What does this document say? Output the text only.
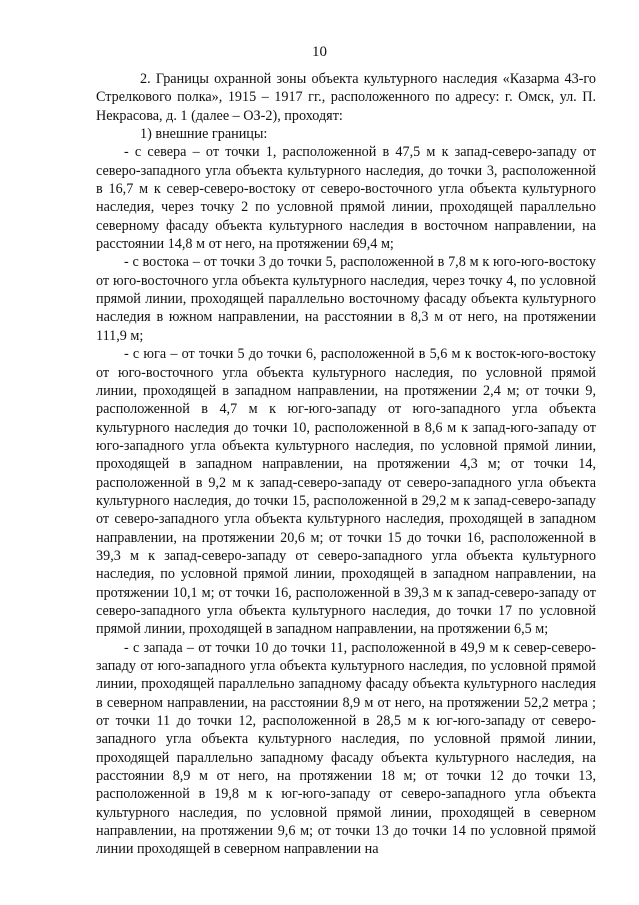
10

2. Границы охранной зоны объекта культурного наследия «Казарма 43-го Стрелкового полка», 1915 – 1917 гг., расположенного по адресу: г. Омск, ул. П. Некрасова, д. 1 (далее – ОЗ-2), проходят:

1) внешние границы:

- с севера – от точки 1, расположенной в 47,5 м к запад-северо-западу от северо-западного угла объекта культурного наследия, до точки 3, расположенной в 16,7 м к север-северо-востоку от северо-восточного угла объекта культурного наследия, через точку 2 по условной прямой линии, проходящей параллельно северному фасаду объекта культурного наследия в восточном направлении, на расстоянии 14,8 м от него, на протяжении 69,4 м;

- с востока – от точки 3 до точки 5, расположенной в 7,8 м к юго-юго-востоку от юго-восточного угла объекта культурного наследия, через точку 4, по условной прямой линии, проходящей параллельно восточному фасаду объекта культурного наследия в южном направлении, на расстоянии в 8,3 м от него, на протяжении 111,9 м;

- с юга – от точки 5 до точки 6, расположенной в 5,6 м к восток-юго-востоку от юго-восточного угла объекта культурного наследия, по условной прямой линии, проходящей в западном направлении, на протяжении 2,4 м; от точки 9, расположенной в 4,7 м к юг-юго-западу от юго-западного угла объекта культурного наследия до точки 10, расположенной в 8,6 м к запад-юго-западу от юго-западного угла объекта культурного наследия, по условной прямой линии, проходящей в западном направлении, на протяжении 4,3 м; от точки 14, расположенной в 9,2 м к запад-северо-западу от северо-западного угла объекта культурного наследия, до точки 15, расположенной в 29,2 м к запад-северо-западу от северо-западного угла объекта культурного наследия, проходящей в западном направлении, на протяжении 20,6 м; от точки 15 до точки 16, расположенной в 39,3 м к запад-северо-западу от северо-западного угла объекта культурного наследия, по условной прямой линии, проходящей в западном направлении, на протяжении 10,1 м; от точки 16, расположенной в 39,3 м к запад-северо-западу от северо-западного угла объекта культурного наследия, до точки 17 по условной прямой линии, проходящей в западном направлении, на протяжении 6,5 м;

- с запада – от точки 10 до точки 11, расположенной в 49,9 м к север-северо-западу от юго-западного угла объекта культурного наследия, по условной прямой линии, проходящей параллельно западному фасаду объекта культурного наследия в северном направлении, на расстоянии 8,9 м от него, на протяжении 52,2 метра ; от точки 11 до точки 12, расположенной в 28,5 м к юг-юго-западу от северо-западного угла объекта культурного наследия, по условной прямой линии, проходящей параллельно западному фасаду объекта культурного наследия, на расстоянии 8,9 м от него, на протяжении 18 м; от точки 12 до точки 13, расположенной в 19,8 м к юг-юго-западу от северо-западного угла объекта культурного наследия, по условной прямой линии, проходящей в северном направлении, на протяжении 9,6 м; от точки 13 до точки 14 по условной прямой линии проходящей в северном направлении на
